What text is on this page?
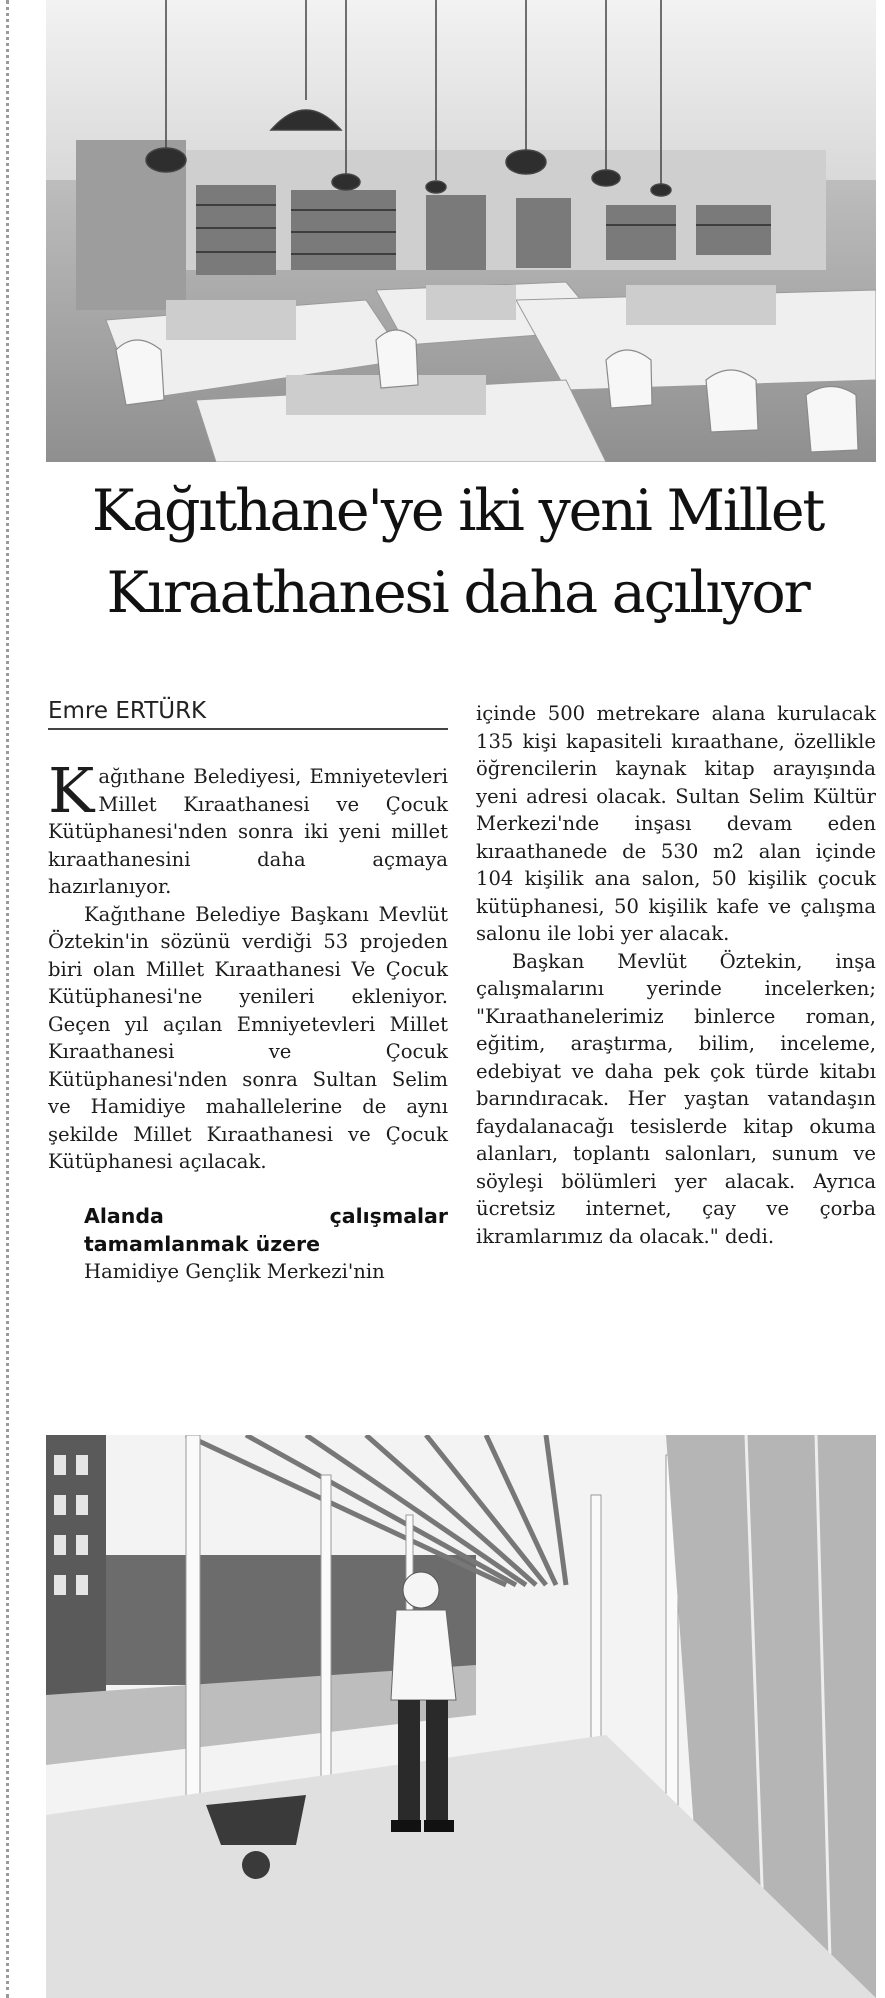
Kağıthane'ye iki yeni Millet Kıraathanesi daha açılıyor
Emre ERTÜRK

Kağıthane Belediyesi, Emniyetevleri Millet Kıraathanesi ve Çocuk Kütüphanesi'nden sonra iki yeni millet kıraathanesini daha açmaya hazırlanıyor.

Kağıthane Belediye Başkanı Mevlüt Öztekin'in sözünü verdiği 53 projeden biri olan Millet Kıraathanesi Ve Çocuk Kütüphanesi'ne yenileri ekleniyor. Geçen yıl açılan Emniyetevleri Millet Kıraathanesi ve Çocuk Kütüphanesi'nden sonra Sultan Selim ve Hamidiye mahallelerine de aynı şekilde Millet Kıraathanesi ve Çocuk Kütüphanesi açılacak.

Alanda çalışmalar tamamlanmak üzere

Hamidiye Gençlik Merkezi'nin

içinde 500 metrekare alana kurulacak 135 kişi kapasiteli kıraathane, özellikle öğrencilerin kaynak kitap arayışında yeni adresi olacak. Sultan Selim Kültür Merkezi'nde inşası devam eden kıraathanede de 530 m2 alan içinde 104 kişilik ana salon, 50 kişilik çocuk kütüphanesi, 50 kişilik kafe ve çalışma salonu ile lobi yer alacak.

Başkan Mevlüt Öztekin, inşa çalışmalarını yerinde incelerken; "Kıraathanelerimiz binlerce roman, eğitim, araştırma, bilim, inceleme, edebiyat ve daha pek çok türde kitabı barındıracak. Her yaştan vatandaşın faydalanacağı tesislerde kitap okuma alanları, toplantı salonları, sunum ve söyleşi bölümleri yer alacak. Ayrıca ücretsiz internet, çay ve çorba ikramlarımız da olacak." dedi.
